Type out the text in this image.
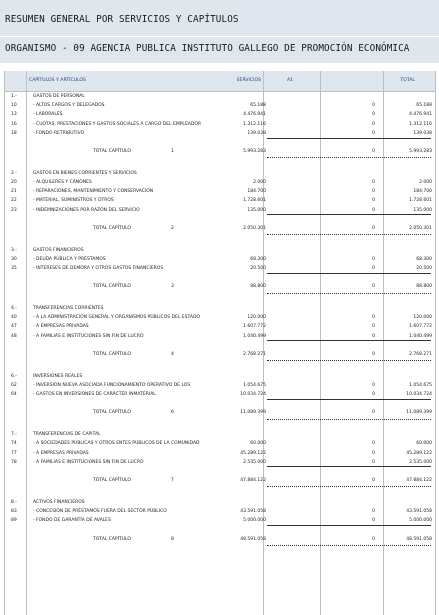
RESUMEN GENERAL POR SERVICIOS Y CAPÍTULOS
ORGANISMO - 09 AGENCIA PUBLICA INSTITUTO GALLEGO DE PROMOCIÓN ECONÓMICA
CAPÍTULOS Y ARTÍCULOS	SERVICIOS	A1	TOTAL
1.-	GASTOS DE PERSONAL
10	- ALTOS CARGOS Y DELEGADOS	65.188	0	65.188
13	- LABORALES	4.476.941	0	4.476.941
16	- CUOTAS, PRESTACIONES Y GASTOS SOCIALES A CARGO DEL EMPLEADOR	1.312.116	0	1.312.116
18	- FONDO RETRIBUTIVO	139.038	0	139.038
TOTAL CAPÍTULO	1	5.993.283	0	5.993.283
2.-	GASTOS EN BIENES CORRIENTES Y SERVICIOS
20	- ALQUILERES Y CÁNONES	2.000	0	2.000
21	- REPARACIONES, MANTENIMIENTO Y CONSERVACIÓN	184.700	0	184.700
22	- MATERIAL, SUMINISTROS Y OTROS	1.728.601	0	1.728.601
23	- INDEMNIZACIONES POR RAZÓN DEL SERVICIO	135.000	0	135.000
TOTAL CAPÍTULO	2	2.050.301	0	2.050.301
3.-	GASTOS FINANCIEROS
30	- DEUDA PÚBLICA Y PRÉSTAMOS	68.300	0	68.300
35	- INTERESES DE DEMORA Y OTROS GASTOS FINANCIEROS	20.500	0	20.500
TOTAL CAPÍTULO	3	88.800	0	88.800
4.-	TRANSFERENCIAS CORRIENTES
40	- A LA ADMINISTRACIÓN GENERAL Y ORGANISMOS PÚBLICOS DEL ESTADO	120.000	0	120.000
47	- A EMPRESAS PRIVADAS	1.607.772	0	1.607.772
48	- A FAMILIAS E INSTITUCIONES SIN FIN DE LUCRO	1.040.499	0	1.040.499
TOTAL CAPÍTULO	4	2.768.271	0	2.768.271
6.-	INVERSIONES REALES
62	- INVERSIÓN NUEVA ASOCIADA FUNCIONAMIENTO OPERATIVO DE LOS	1.054.675	0	1.054.675
64	- GASTOS EN INVERSIONES DE CARÁCTER INMATERIAL	10.034.724	0	10.034.724
TOTAL CAPÍTULO	6	11.089.399	0	11.089.399
7.-	TRANSFERENCIAS DE CAPITAL
74	- A SOCIEDADES PÚBLICAS Y OTROS ENTES PÚBLICOS DE LA COMUNIDAD	60.000	0	60.000
77	- A EMPRESAS PRIVADAS	45.289.122	0	45.289.122
78	- A FAMILIAS E INSTITUCIONES SIN FIN DE LUCRO	2.535.000	0	2.535.000
TOTAL CAPÍTULO	7	47.884.122	0	47.884.122
8.-	ACTIVOS FINANCIEROS
83	- CONCESIÓN DE PRÉSTAMOS FUERA DEL SECTOR PÚBLICO	43.591.058	0	43.591.058
89	- FONDO DE GARANTÍA DE AVALES	5.000.000	0	5.000.000
TOTAL CAPÍTULO	8	48.591.058	0	48.591.058
